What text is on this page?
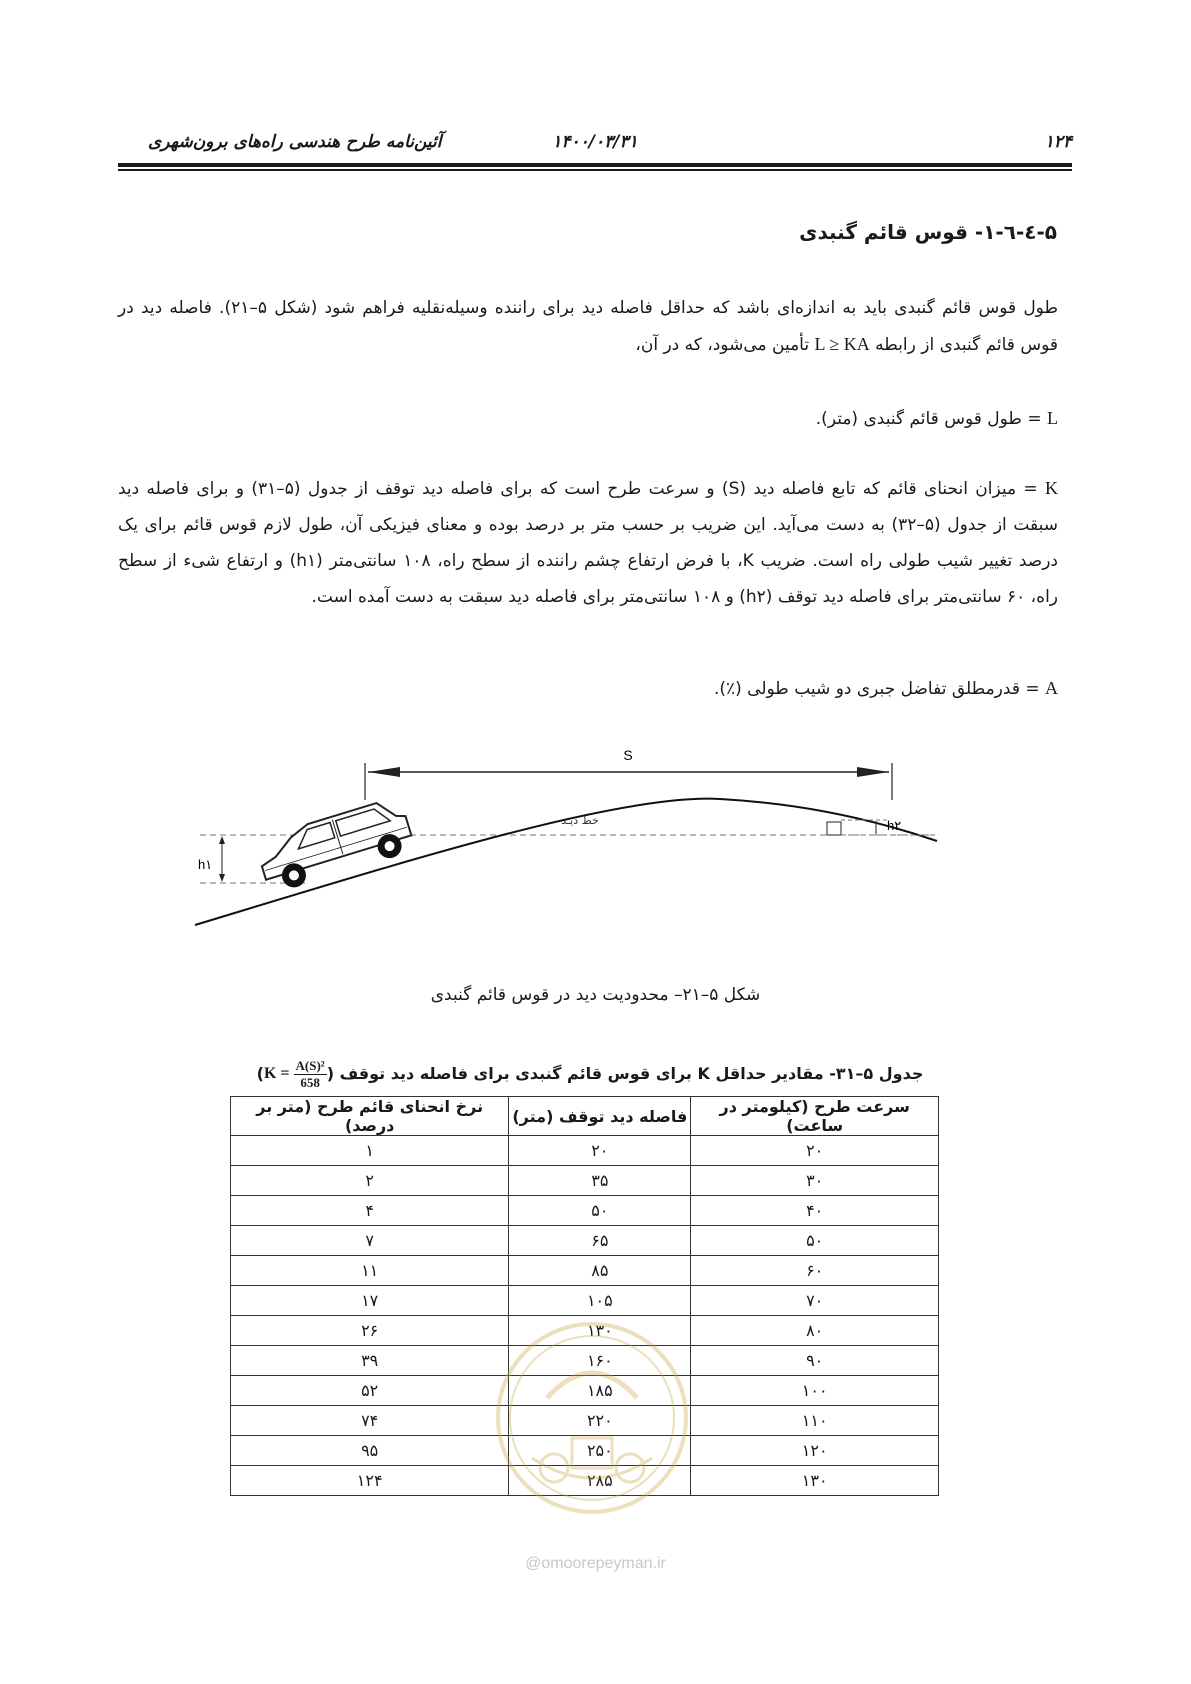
۱۲۴
۱۴۰۰/۰۳/۳۱
آئین‌نامه طرح هندسی راه‌های برون‌شهری
۵-٤-٦-۱- قوس قائم گنبدی
طول قوس قائم گنبدی باید به اندازه‌ای باشد که حداقل فاصله دید برای راننده وسیله‌نقلیه فراهم شود (شکل ۵–۲۱). فاصله دید در قوس قائم گنبدی از رابطه L ≥ KA تأمین می‌شود، که در آن،
L = طول قوس قائم گنبدی (متر).
K = میزان انحنای قائم که تابع فاصله دید (S) و سرعت طرح است که برای فاصله دید توقف از جدول (۵–۳۱) و برای فاصله دید سبقت از جدول (۵–۳۲) به دست می‌آید. این ضریب بر حسب متر بر درصد بوده و معنای فیزیکی آن، طول لازم قوس قائم برای یک درصد تغییر شیب طولی راه است. ضریب K، با فرض ارتفاع چشم راننده از سطح راه، ۱۰۸ سانتی‌متر (h۱) و ارتفاع شیء از سطح راه، ۶۰ سانتی‌متر برای فاصله دید توقف (h۲) و ۱۰۸ سانتی‌متر برای فاصله دید سبقت به دست آمده است.
A = قدرمطلق تفاضل جبری دو شیب طولی (٪).
S
خط دیـد
h۱
h۲
شکل ۵–۲۱– محدودیت دید در قوس قائم گنبدی
جدول ۵–۳۱- مقادیر حداقل K برای قوس قائم گنبدی برای فاصله دید توقف ($K = \frac{\text{A(S)²}}{658}$
)
سرعت طرح (کیلومتر در ساعت)	فاصله دید توقف (متر)	نرخ انحنای قائم طرح (متر بر درصد)
۲۰	۲۰	۱
۳۰	۳۵	۲
۴۰	۵۰	۴
۵۰	۶۵	۷
۶۰	۸۵	۱۱
۷۰	۱۰۵	۱۷
۸۰	۱۳۰	۲۶
۹۰	۱۶۰	۳۹
۱۰۰	۱۸۵	۵۲
۱۱۰	۲۲۰	۷۴
۱۲۰	۲۵۰	۹۵
۱۳۰	۲۸۵	۱۲۴
@omoorepeyman.ir
